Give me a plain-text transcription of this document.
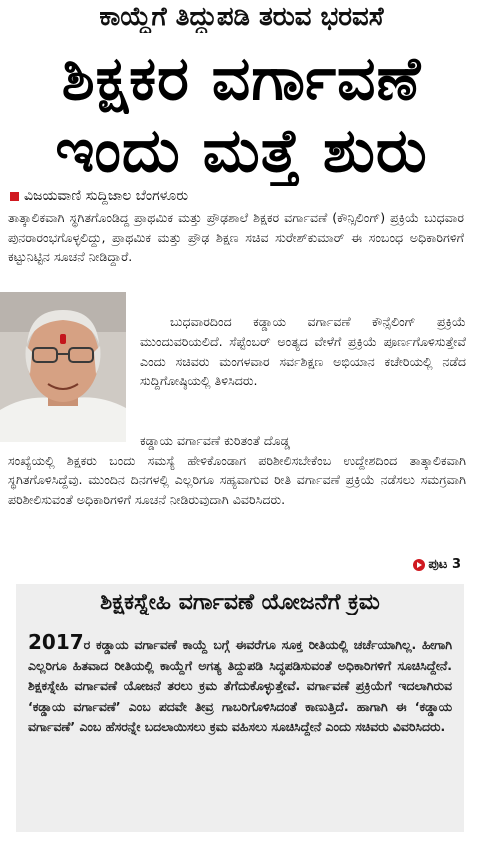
ಕಾಯ್ದೆಗೆ ತಿದ್ದುಪಡಿ ತರುವ ಭರವಸೆ
ಶಿಕ್ಷಕರ ವರ್ಗಾವಣೆ
ಇಂದು ಮತ್ತೆ ಶುರು
ವಿಜಯವಾಣಿ ಸುದ್ದಿಜಾಲ ಬೆಂಗಳೂರು

ತಾತ್ಕಾಲಿಕವಾಗಿ ಸ್ಥಗಿತಗೊಂಡಿದ್ದ ಪ್ರಾಥಮಿಕ ಮತ್ತು ಪ್ರೌಢಶಾಲೆ ಶಿಕ್ಷಕರ ವರ್ಗಾವಣೆ (ಕೌನ್ಸಿಲಿಂಗ್) ಪ್ರಕ್ರಿಯೆ ಬುಧವಾರ ಪುನರಾರಂಭಗೊಳ್ಳಲಿದ್ದು, ಪ್ರಾಥಮಿಕ ಮತ್ತು ಪ್ರೌಢ ಶಿಕ್ಷಣ ಸಚಿವ ಸುರೇಶ್‌ಕುಮಾರ್ ಈ ಸಂಬಂಧ ಅಧಿಕಾರಿಗಳಿಗೆ ಕಟ್ಟುನಿಟ್ಟಿನ ಸೂಚನೆ ನೀಡಿದ್ದಾರೆ.

ಬುಧವಾರದಿಂದ ಕಡ್ಡಾಯ ವರ್ಗಾವಣೆ ಕೌನ್ಸೆಲಿಂಗ್ ಪ್ರಕ್ರಿಯೆ ಮುಂದುವರಿಯಲಿದೆ. ಸೆಪ್ಟೆಂಬರ್ ಅಂತ್ಯದ ವೇಳೆಗೆ ಪ್ರಕ್ರಿಯೆ ಪೂರ್ಣಗೊಳಿಸುತ್ತೇವೆ ಎಂದು ಸಚಿವರು ಮಂಗಳವಾರ ಸರ್ವಶಿಕ್ಷಣ ಅಭಿಯಾನ ಕಚೇರಿಯಲ್ಲಿ ನಡೆದ ಸುದ್ದಿಗೋಷ್ಠಿಯಲ್ಲಿ ತಿಳಿಸಿದರು.

ಕಡ್ಡಾಯ ವರ್ಗಾವಣೆ ಕುರಿತಂತೆ ದೊಡ್ಡ
ಸಂಖ್ಯೆಯಲ್ಲಿ ಶಿಕ್ಷಕರು ಬಂದು ಸಮಸ್ಯೆ ಹೇಳಿಕೊಂಡಾಗ ಪರಿಶೀಲಿಸಬೇಕೆಂಬ ಉದ್ದೇಶದಿಂದ ತಾತ್ಕಾಲಿಕವಾಗಿ ಸ್ಥಗಿತಗೊಳಿಸಿದ್ದೆವು. ಮುಂದಿನ ದಿನಗಳಲ್ಲಿ ಎಲ್ಲರಿಗೂ ಸಹ್ಯವಾಗುವ ರೀತಿ ವರ್ಗಾವಣೆ ಪ್ರಕ್ರಿಯೆ ನಡೆಸಲು ಸಮಗ್ರವಾಗಿ ಪರಿಶೀಲಿಸುವಂತೆ ಅಧಿಕಾರಿಗಳಿಗೆ ಸೂಚನೆ ನೀಡಿರುವುದಾಗಿ ವಿವರಿಸಿದರು.

ಪುಟ 3
ಶಿಕ್ಷಕಸ್ನೇಹಿ ವರ್ಗಾವಣೆ ಯೋಜನೆಗೆ ಕ್ರಮ

2017ರ ಕಡ್ಡಾಯ ವರ್ಗಾವಣೆ ಕಾಯ್ದೆ ಬಗ್ಗೆ ಈವರೆಗೂ ಸೂಕ್ತ ರೀತಿಯಲ್ಲಿ ಚರ್ಚೆಯಾಗಿಲ್ಲ. ಹೀಗಾಗಿ ಎಲ್ಲರಿಗೂ ಹಿತವಾದ ರೀತಿಯಲ್ಲಿ ಕಾಯ್ದೆಗೆ ಅಗತ್ಯ ತಿದ್ದುಪಡಿ ಸಿದ್ಧಪಡಿಸುವಂತೆ ಅಧಿಕಾರಿಗಳಿಗೆ ಸೂಚಿಸಿದ್ದೇನೆ. ಶಿಕ್ಷಕಸ್ನೇಹಿ ವರ್ಗಾವಣೆ ಯೋಜನೆ ತರಲು ಕ್ರಮ ತೆಗೆದುಕೊಳ್ಳುತ್ತೇವೆ. ವರ್ಗಾವಣೆ ಪ್ರಕ್ರಿಯೆಗೆ ಇದಲಾಗಿರುವ ‘ಕಡ್ಡಾಯ ವರ್ಗಾವಣೆ’ ಎಂಬ ಪದವೇ ತೀವ್ರ ಗಾಬರಿಗೊಳಿಸಿದಂತೆ ಕಾಣುತ್ತಿದೆ. ಹಾಗಾಗಿ ಈ ‘ಕಡ್ಡಾಯ ವರ್ಗಾವಣೆ’ ಎಂಬ ಹೆಸರನ್ನೇ ಬದಲಾಯಿಸಲು ಕ್ರಮ ವಹಿಸಲು ಸೂಚಿಸಿದ್ದೇನೆ ಎಂದು ಸಚಿವರು ವಿವರಿಸಿದರು.
